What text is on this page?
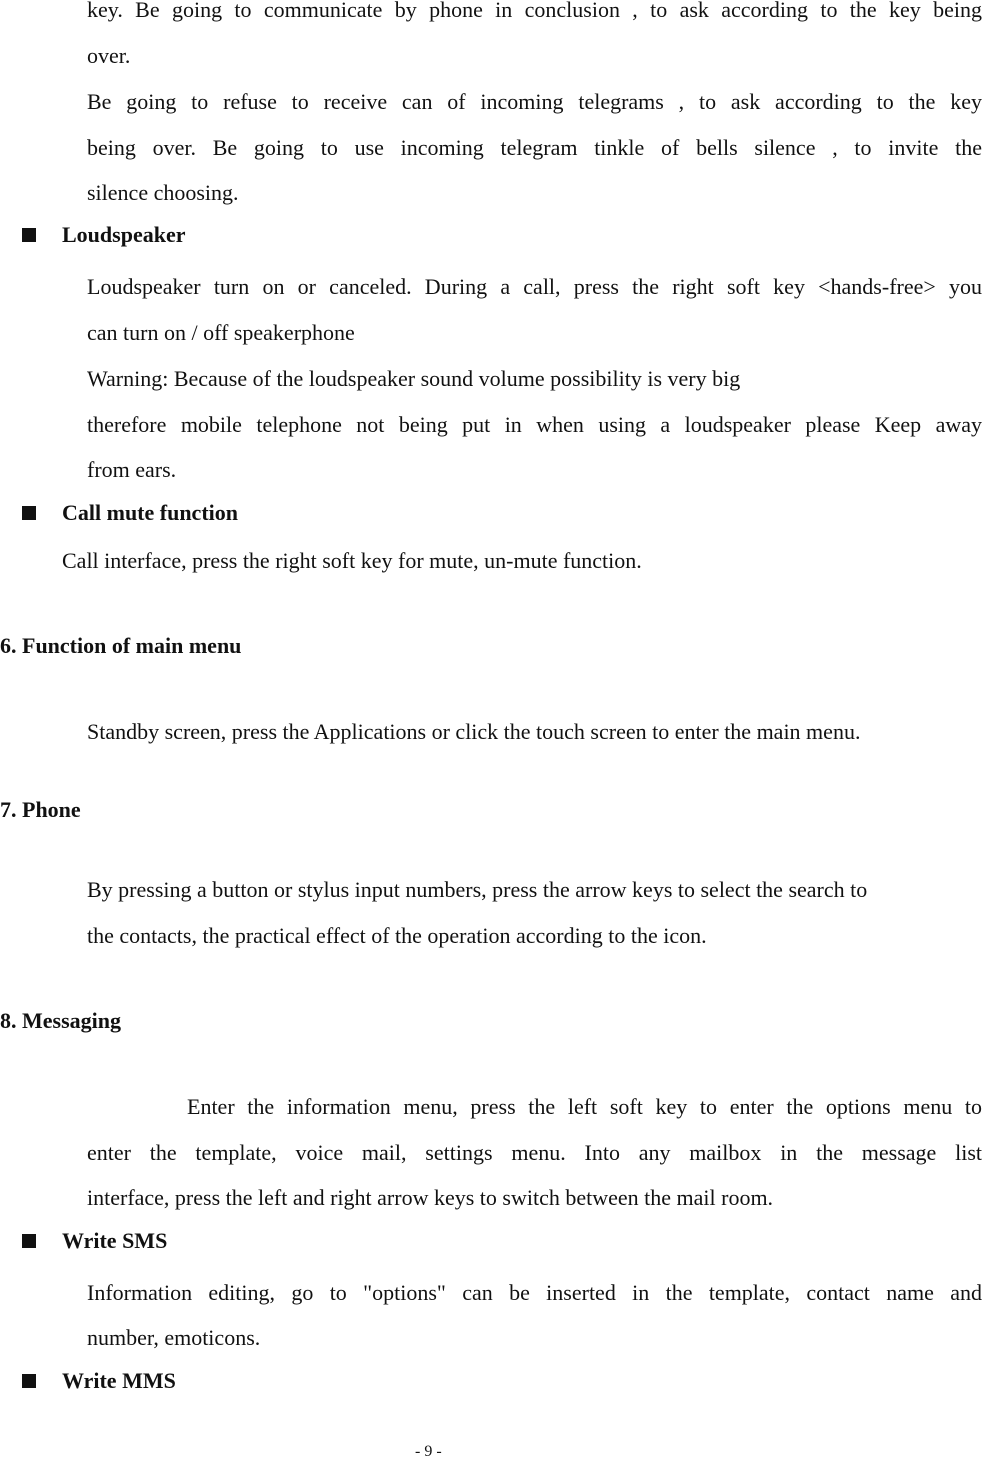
key. Be going to communicate by phone in conclusion , to ask according to the key being

over.

Be going to refuse to receive can of incoming telegrams , to ask according to the key

being over. Be going to use incoming telegram tinkle of bells silence , to invite the

silence choosing.

Loudspeaker

Loudspeaker turn on or canceled. During a call, press the right soft key <hands-free> you

can turn on / off speakerphone

Warning: Because of the loudspeaker sound volume possibility is very big

therefore mobile telephone not being put in when using a loudspeaker please Keep away

from ears.

Call mute function

Call interface, press the right soft key for mute, un-mute function.

6. Function of main menu

Standby screen, press the Applications or click the touch screen to enter the main menu.

7. Phone

By pressing a button or stylus input numbers, press the arrow keys to select the search to

the contacts, the practical effect of the operation according to the icon.

8. Messaging

Enter the information menu, press the left soft key to enter the options menu to

enter the template, voice mail, settings menu. Into any mailbox in the message list

interface, press the left and right arrow keys to switch between the mail room.

Write SMS

Information editing, go to "options" can be inserted in the template, contact name and

number, emoticons.

Write MMS
- 9 -
